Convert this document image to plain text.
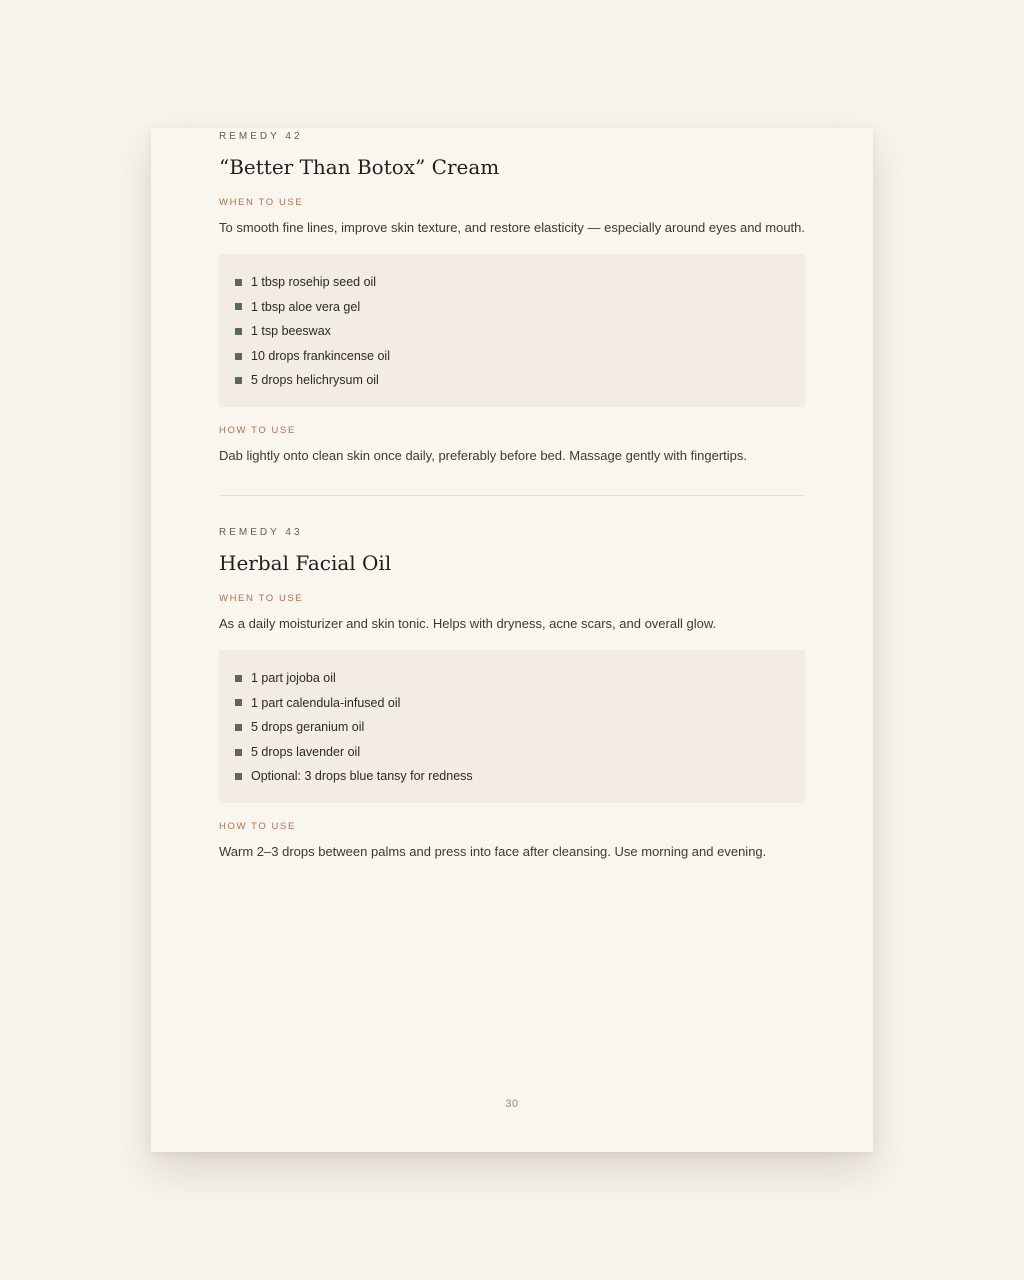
REMEDY 42
“Better Than Botox” Cream
WHEN TO USE
To smooth fine lines, improve skin texture, and restore elasticity — especially around eyes and mouth.
1 tbsp rosehip seed oil
1 tbsp aloe vera gel
1 tsp beeswax
10 drops frankincense oil
5 drops helichrysum oil
HOW TO USE
Dab lightly onto clean skin once daily, preferably before bed. Massage gently with fingertips.
REMEDY 43
Herbal Facial Oil
WHEN TO USE
As a daily moisturizer and skin tonic. Helps with dryness, acne scars, and overall glow.
1 part jojoba oil
1 part calendula-infused oil
5 drops geranium oil
5 drops lavender oil
Optional: 3 drops blue tansy for redness
HOW TO USE
Warm 2–3 drops between palms and press into face after cleansing. Use morning and evening.
30
